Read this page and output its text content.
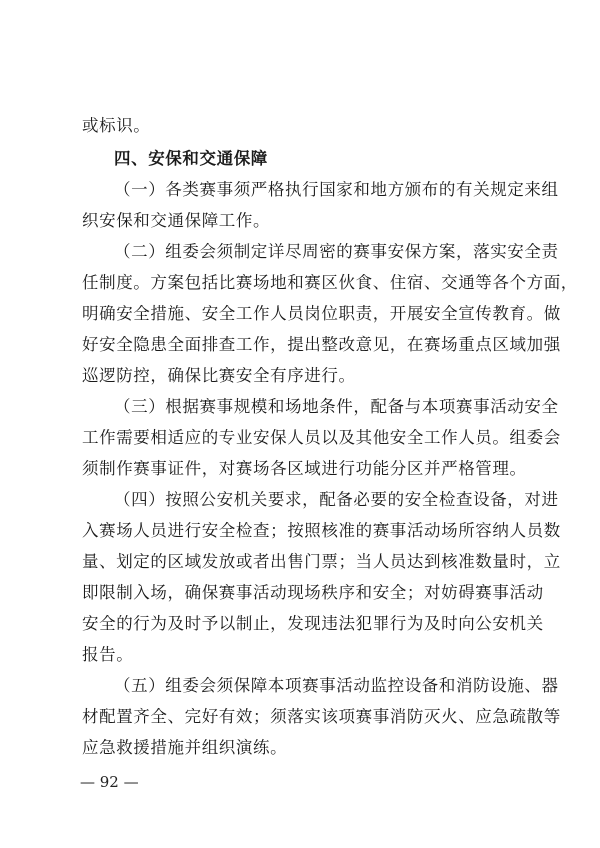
或标识。
四、安保和交通保障
（一）各类赛事须严格执行国家和地方颁布的有关规定来组
织安保和交通保障工作。
（二）组委会须制定详尽周密的赛事安保方案，落实安全责
任制度。方案包括比赛场地和赛区伙食、住宿、交通等各个方面，
明确安全措施、安全工作人员岗位职责，开展安全宣传教育。做
好安全隐患全面排查工作，提出整改意见，在赛场重点区域加强
巡逻防控，确保比赛安全有序进行。
（三）根据赛事规模和场地条件，配备与本项赛事活动安全
工作需要相适应的专业安保人员以及其他安全工作人员。组委会
须制作赛事证件，对赛场各区域进行功能分区并严格管理。
（四）按照公安机关要求，配备必要的安全检查设备，对进
入赛场人员进行安全检查；按照核准的赛事活动场所容纳人员数
量、划定的区域发放或者出售门票；当人员达到核准数量时，立
即限制入场，确保赛事活动现场秩序和安全；对妨碍赛事活动
安全的行为及时予以制止，发现违法犯罪行为及时向公安机关
报告。
（五）组委会须保障本项赛事活动监控设备和消防设施、器
材配置齐全、完好有效；须落实该项赛事消防灭火、应急疏散等
应急救援措施并组织演练。
— 92 —
